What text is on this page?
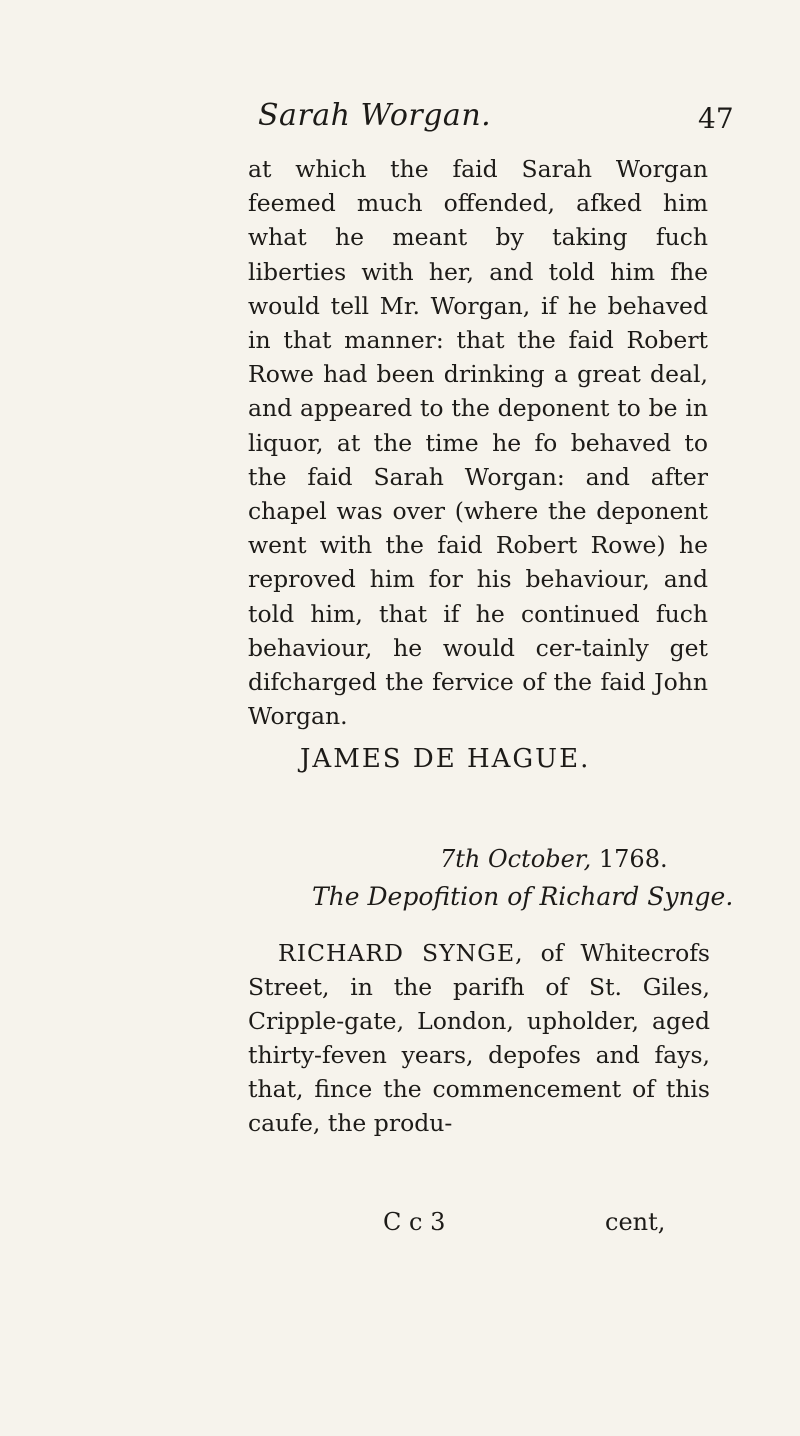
Sarah Worgan.	47

at which the faid Sarah Worgan feemed much offended, afked him what he meant by taking fuch liberties with her, and told him fhe would tell Mr. Worgan, if he behaved in that manner: that the faid Robert Rowe had been drinking a great deal, and appeared to the deponent to be in liquor, at the time he fo behaved to the faid Sarah Worgan: and after chapel was over (where the deponent went with the faid Robert Rowe) he reproved him for his behaviour, and told him, that if he continued fuch behaviour, he would cer-tainly get difcharged the fervice of the faid John Worgan.

JAMES DE HAGUE.
7th October, 1768.
The Depofition of Richard Synge.

RICHARD SYNGE, of Whitecrofs Street, in the parifh of St. Giles, Cripple-gate, London, upholder, aged thirty-feven years, depofes and fays, that, fince the commencement of this caufe, the produ-

C c 3	cent,
